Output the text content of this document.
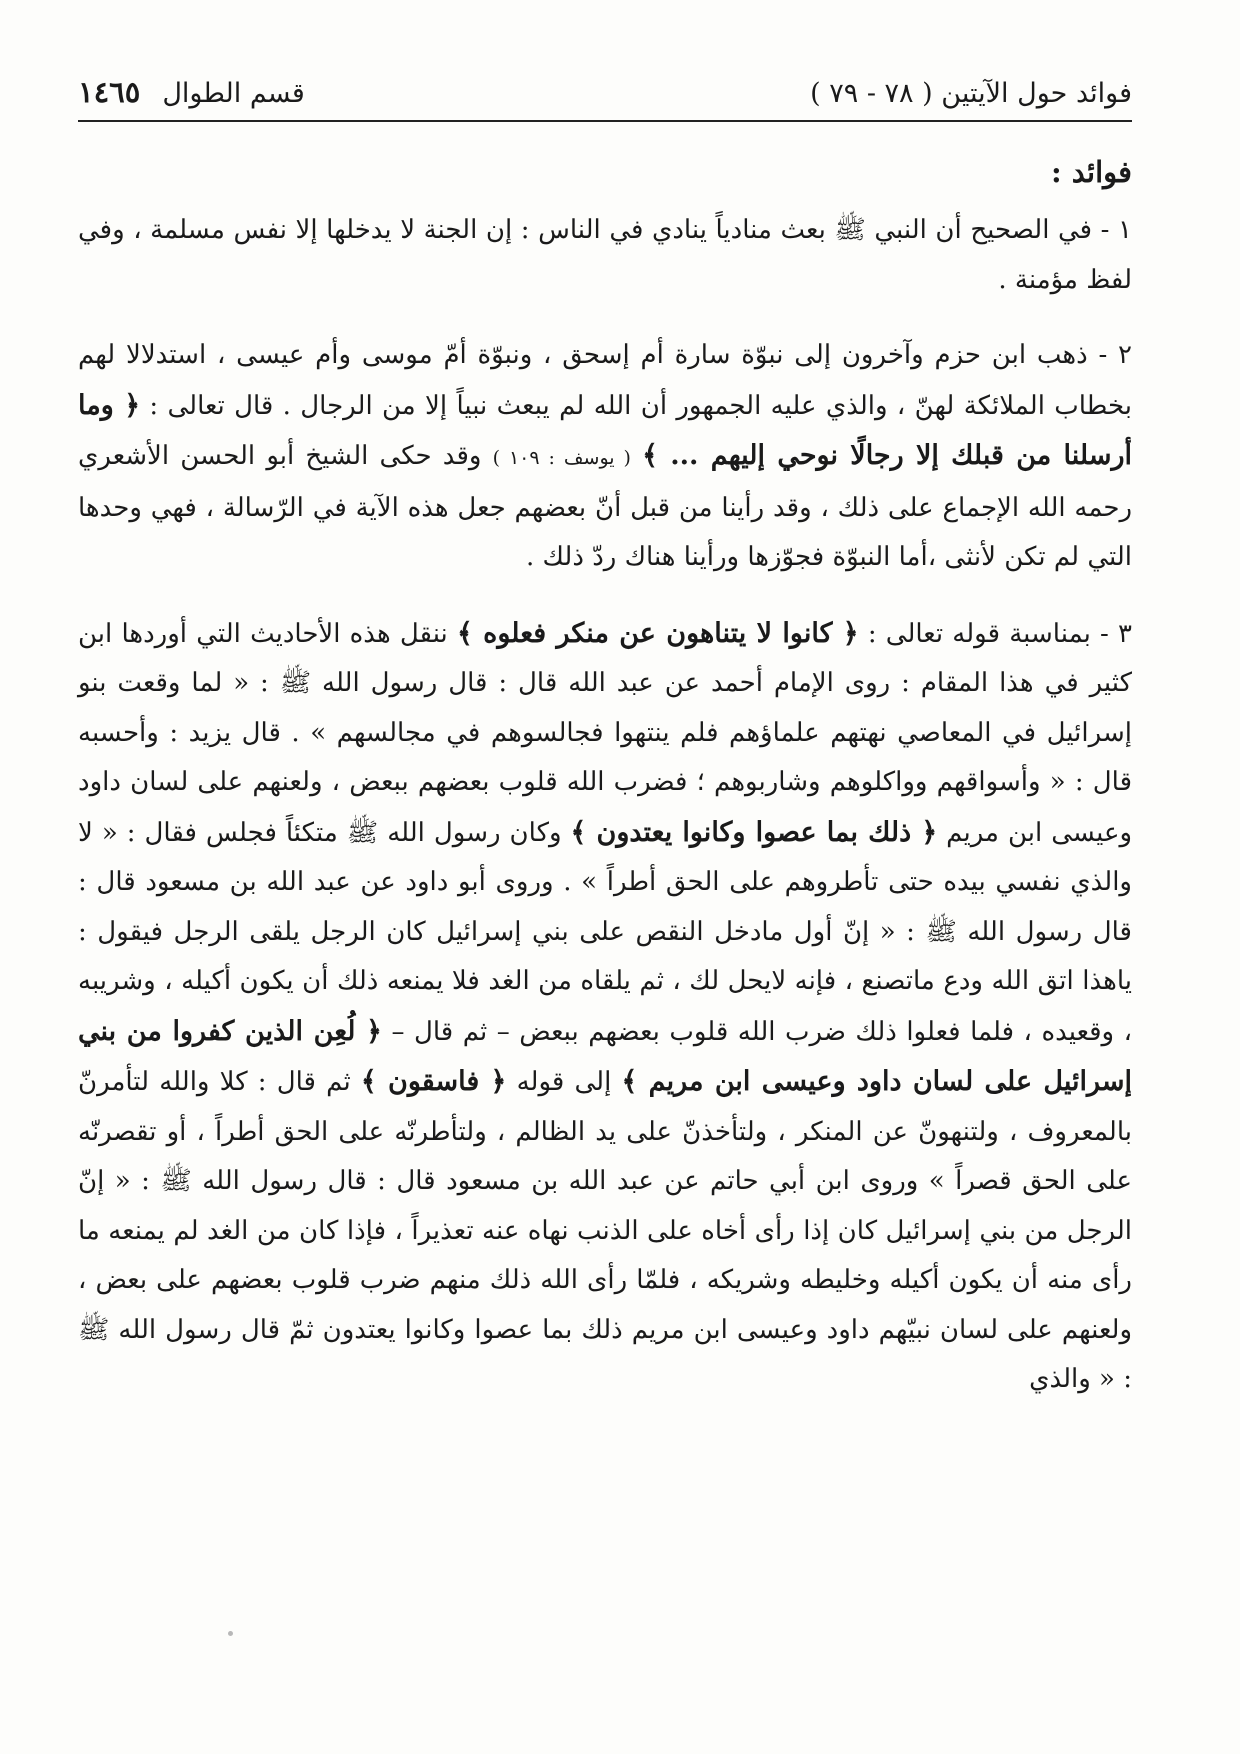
فوائد حول الآيتين ( ٧٨ - ٧٩ )
قسم الطوال
١٤٦٥
فوائد :

١ - في الصحيح أن النبي ﷺ بعث منادياً ينادي في الناس : إن الجنة لا يدخلها إلا نفس مسلمة ، وفي لفظ مؤمنة .

٢ - ذهب ابن حزم وآخرون إلى نبوّة سارة أم إسحق ، ونبوّة أمّ موسى وأم عيسى ، استدلالا لهم بخطاب الملائكة لهنّ ، والذي عليه الجمهور أن الله لم يبعث نبياً إلا من الرجال . قال تعالى : ﴿ وما أرسلنا من قبلك إلا رجالًا نوحي إليهم ... ﴾ ( يوسف : ١٠٩ ) وقد حكى الشيخ أبو الحسن الأشعري رحمه الله الإجماع على ذلك ، وقد رأينا من قبل أنّ بعضهم جعل هذه الآية في الرّسالة ، فهي وحدها التي لم تكن لأنثى ،أما النبوّة فجوّزها ورأينا هناك ردّ ذلك .

٣ - بمناسبة قوله تعالى : ﴿ كانوا لا يتناهون عن منكر فعلوه ﴾ ننقل هذه الأحاديث التي أوردها ابن كثير في هذا المقام : روى الإمام أحمد عن عبد الله قال : قال رسول الله ﷺ : « لما وقعت بنو إسرائيل في المعاصي نهتهم علماؤهم فلم ينتهوا فجالسوهم في مجالسهم » . قال يزيد : وأحسبه قال : « وأسواقهم وواكلوهم وشاربوهم ؛ فضرب الله قلوب بعضهم ببعض ، ولعنهم على لسان داود وعيسى ابن مريم ﴿ ذلك بما عصوا وكانوا يعتدون ﴾ وكان رسول الله ﷺ متكئاً فجلس فقال : « لا والذي نفسي بيده حتى تأطروهم على الحق أطراً » . وروى أبو داود عن عبد الله بن مسعود قال : قال رسول الله ﷺ : « إنّ أول مادخل النقص على بني إسرائيل كان الرجل يلقى الرجل فيقول : ياهذا اتق الله ودع ماتصنع ، فإنه لايحل لك ، ثم يلقاه من الغد فلا يمنعه ذلك أن يكون أكيله ، وشريبه ، وقعيده ، فلما فعلوا ذلك ضرب الله قلوب بعضهم ببعض – ثم قال – ﴿ لُعِن الذين كفروا من بني إسرائيل على لسان داود وعيسى ابن مريم ﴾ إلى قوله ﴿ فاسقون ﴾ ثم قال : كلا والله لتأمرنّ بالمعروف ، ولتنهونّ عن المنكر ، ولتأخذنّ على يد الظالم ، ولتأطرنّه على الحق أطراً ، أو تقصرنّه على الحق قصراً » وروى ابن أبي حاتم عن عبد الله بن مسعود قال : قال رسول الله ﷺ : « إنّ الرجل من بني إسرائيل كان إذا رأى أخاه على الذنب نهاه عنه تعذيراً ، فإذا كان من الغد لم يمنعه ما رأى منه أن يكون أكيله وخليطه وشريكه ، فلمّا رأى الله ذلك منهم ضرب قلوب بعضهم على بعض ، ولعنهم على لسان نبيّهم داود وعيسى ابن مريم ذلك بما عصوا وكانوا يعتدون ثمّ قال رسول الله ﷺ : « والذي
